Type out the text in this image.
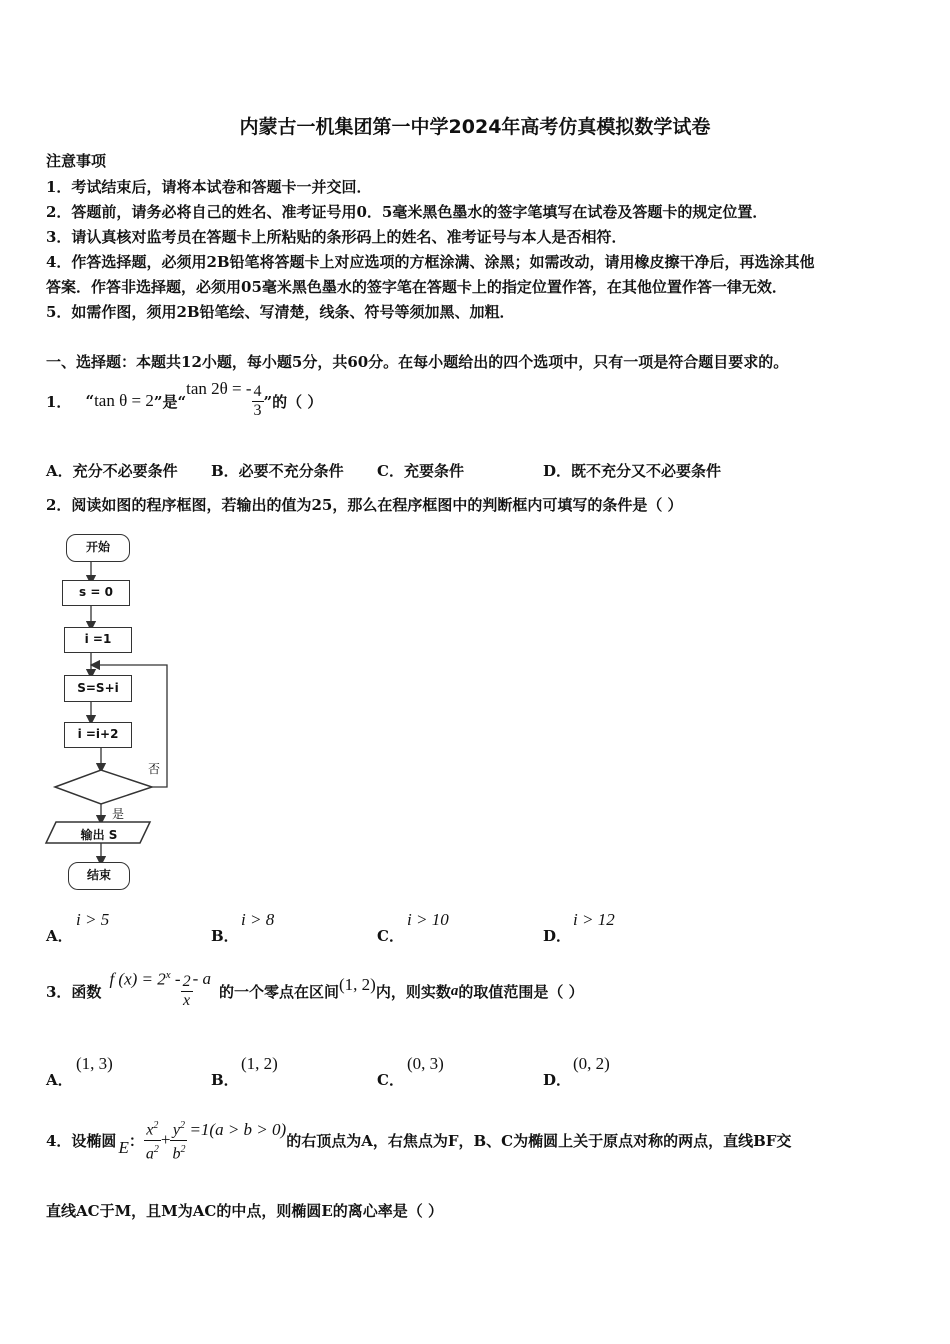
内蒙古一机集团第一中学2024年高考仿真模拟数学试卷
注意事项
1．考试结束后，请将本试卷和答题卡一并交回．
2．答题前，请务必将自己的姓名、准考证号用0．5毫米黑色墨水的签字笔填写在试卷及答题卡的规定位置．
3．请认真核对监考员在答题卡上所粘贴的条形码上的姓名、准考证号与本人是否相符．
4．作答选择题，必须用2B铅笔将答题卡上对应选项的方框涂满、涂黑；如需改动，请用橡皮擦干净后，再选涂其他
答案．作答非选择题，必须用05毫米黑色墨水的签字笔在答题卡上的指定位置作答，在其他位置作答一律无效．
5．如需作图，须用2B铅笔绘、写清楚，线条、符号等须加黑、加粗．
一、选择题：本题共12小题，每小题5分，共60分。在每小题给出的四个选项中，只有一项是符合题目要求的。
1． “ tan θ = 2 ”是“
tan 2θ = - $\frac{4}{3}$ ”的（ ）
A．充分不必要条件 B．必要不充分条件 C．充要条件	D．既不充分又不必要条件
2．阅读如图的程序框图，若输出的值为25，那么在程序框图中的判断框内可填写的条件是（ ）
开始
s = 0
i =1
S=S+i
i =i+2
否
是
输出 S
结束
A．
i > 5
B．
i > 8
C．
i > 10
D．
i > 12
3．函数
f $(x) = 2^x - \frac{2}{x} - a$
的一个零点在区间 (1, 2) 内，则实数 a 的取值范围是（ ）
A．
(1, 3)
B．
(1, 2)
C．
(0, 3)
D．
(0, 2)
4．设椭圆 E ： $\frac{x^2}{a^2} + \frac{y^2}{b^2} =1(a > b > 0)$
的右顶点为A，右焦点为F，B、C为椭圆上关于原点对称的两点，直线BF交
直线AC于M，且M为AC的中点，则椭圆E的离心率是（ ）
